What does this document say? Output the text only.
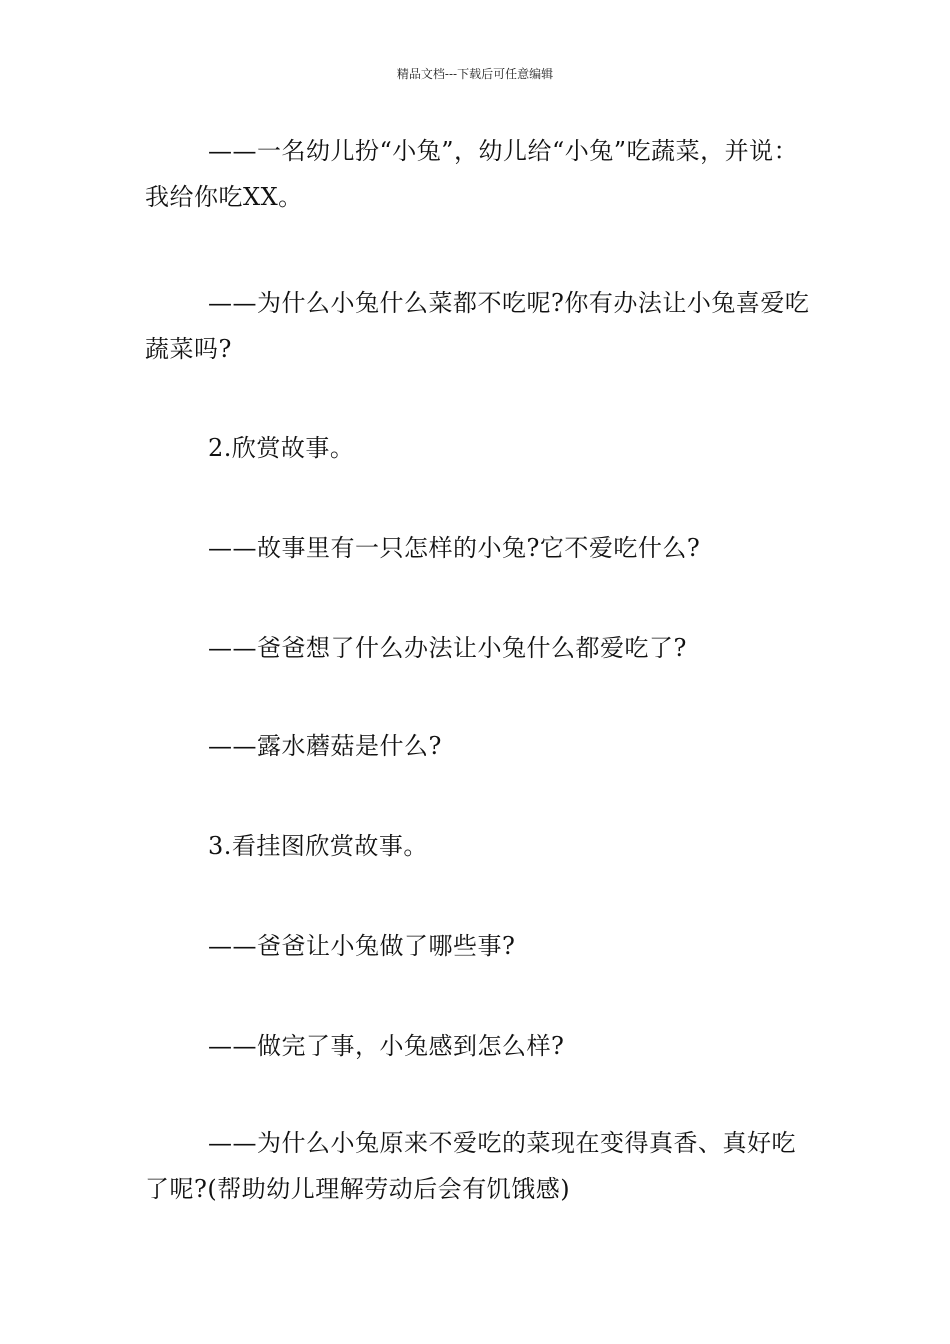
精品文档---下载后可任意编辑

——一名幼儿扮“小兔”，幼儿给“小兔”吃蔬菜，并说：我给你吃XX。

——为什么小兔什么菜都不吃呢?你有办法让小兔喜爱吃蔬菜吗?

2.欣赏故事。

——故事里有一只怎样的小兔?它不爱吃什么?

——爸爸想了什么办法让小兔什么都爱吃了?

——露水蘑菇是什么?

3.看挂图欣赏故事。

——爸爸让小兔做了哪些事?

——做完了事，小兔感到怎么样?

——为什么小兔原来不爱吃的菜现在变得真香、真好吃了呢?(帮助幼儿理解劳动后会有饥饿感)
